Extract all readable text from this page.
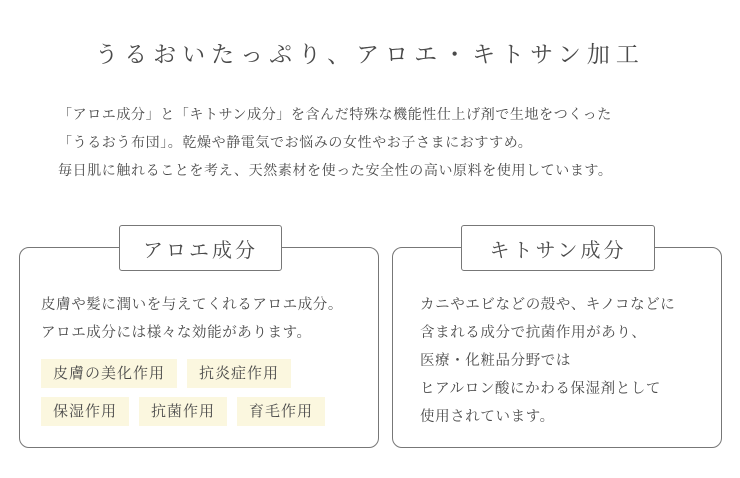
うるおいたっぷり、アロエ・キトサン加工
「アロエ成分」と「キトサン成分」を含んだ特殊な機能性仕上げ剤で生地をつくった
「うるおう布団」。乾燥や静電気でお悩みの女性やお子さまにおすすめ。
毎日肌に触れることを考え、天然素材を使った安全性の高い原料を使用しています。
アロエ成分
皮膚や髪に潤いを与えてくれるアロエ成分。
アロエ成分には様々な効能があります。
皮膚の美化作用	抗炎症作用
保湿作用	抗菌作用	育毛作用
キトサン成分
カニやエビなどの殻や、キノコなどに
含まれる成分で抗菌作用があり、
医療・化粧品分野では
ヒアルロン酸にかわる保湿剤として
使用されています。
